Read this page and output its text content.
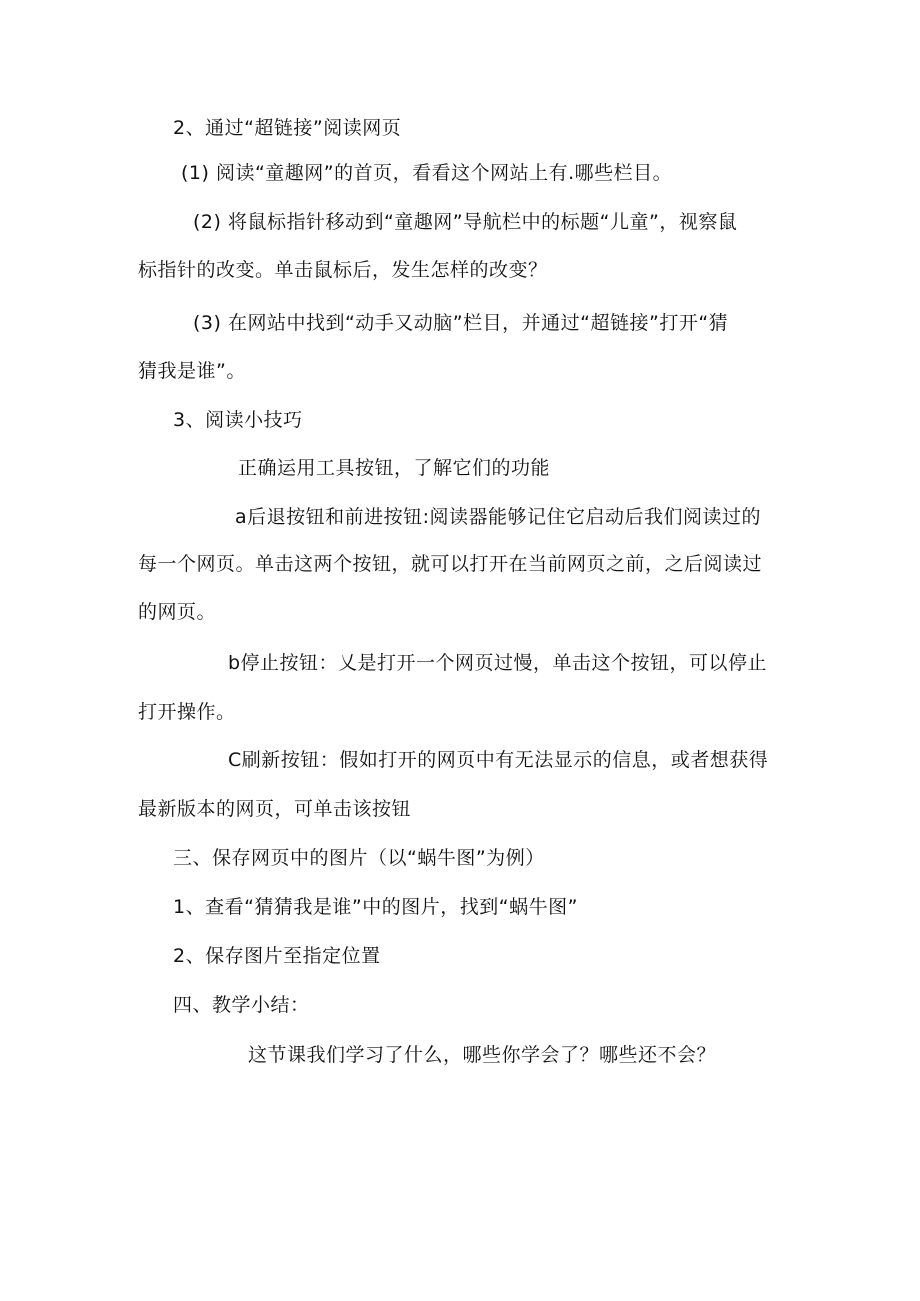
2、通过“超链接”阅读网页
(1) 阅读“童趣网”的首页，看看这个网站上有.哪些栏目。
(2) 将鼠标指针移动到“童趣网”导航栏中的标题“儿童”，视察鼠
标指针的改变。单击鼠标后，发生怎样的改变？
(3) 在网站中找到“动手又动脑”栏目，并通过“超链接”打开“猜
猜我是谁”。
3、阅读小技巧
正确运用工具按钮，了解它们的功能
a后退按钮和前进按钮:阅读器能够记住它启动后我们阅读过的
每一个网页。单击这两个按钮，就可以打开在当前网页之前，之后阅读过
的网页。
b停止按钮：乂是打开一个网页过慢，单击这个按钮，可以停止
打开操作。
C刷新按钮：假如打开的网页中有无法显示的信息，或者想获得
最新版本的网页，可单击该按钮
三、保存网页中的图片（以“蜗牛图”为例）
1、查看“猜猜我是谁”中的图片，找到“蜗牛图”
2、保存图片至指定位置
四、教学小结：
这节课我们学习了什么，哪些你学会了？哪些还不会？
